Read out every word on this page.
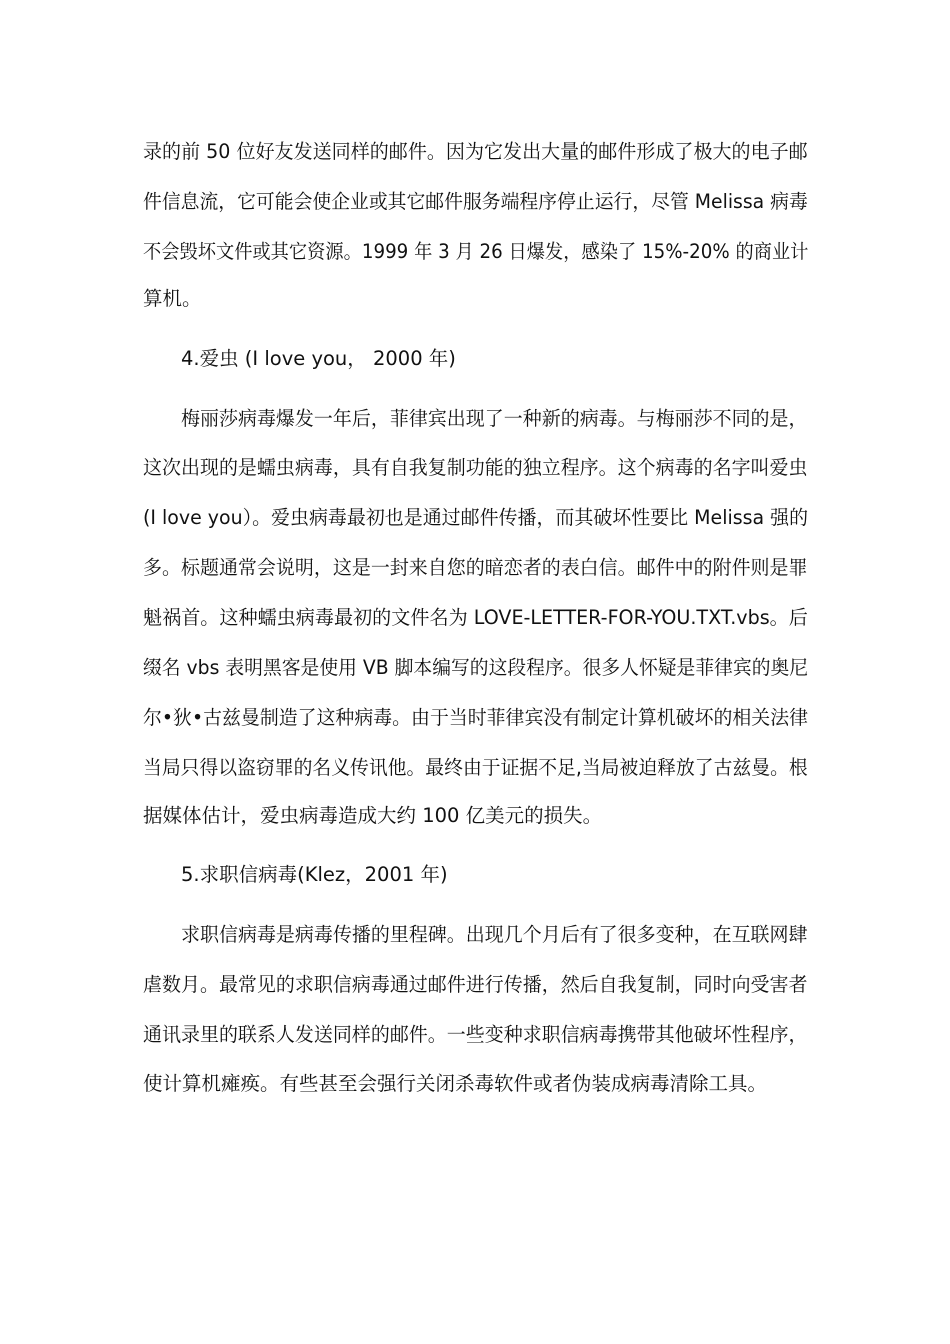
录的前 50 位好友发送同样的邮件。因为它发出大量的邮件形成了极大的电子邮
件信息流，它可能会使企业或其它邮件服务端程序停止运行，尽管 Melissa 病毒
不会毁坏文件或其它资源。1999 年 3 月 26 日爆发，感染了 15%-20% 的商业计
算机。
4.爱虫 (I love you， 2000 年)
梅丽莎病毒爆发一年后，菲律宾出现了一种新的病毒。与梅丽莎不同的是，
这次出现的是蠕虫病毒，具有自我复制功能的独立程序。这个病毒的名字叫爱虫
(I love you）。爱虫病毒最初也是通过邮件传播，而其破坏性要比 Melissa 强的
多。标题通常会说明，这是一封来自您的暗恋者的表白信。邮件中的附件则是罪
魁祸首。这种蠕虫病毒最初的文件名为 LOVE-LETTER-FOR-YOU.TXT.vbs。后
缀名 vbs 表明黑客是使用 VB 脚本编写的这段程序。很多人怀疑是菲律宾的奥尼
尔•狄•古兹曼制造了这种病毒。由于当时菲律宾没有制定计算机破坏的相关法律
当局只得以盗窃罪的名义传讯他。最终由于证据不足,当局被迫释放了古兹曼。根
据媒体估计，爱虫病毒造成大约 100 亿美元的损失。
5.求职信病毒(Klez，2001 年)
求职信病毒是病毒传播的里程碑。出现几个月后有了很多变种，在互联网肆
虐数月。最常见的求职信病毒通过邮件进行传播，然后自我复制，同时向受害者
通讯录里的联系人发送同样的邮件。一些变种求职信病毒携带其他破坏性程序，
使计算机瘫痪。有些甚至会强行关闭杀毒软件或者伪装成病毒清除工具。
